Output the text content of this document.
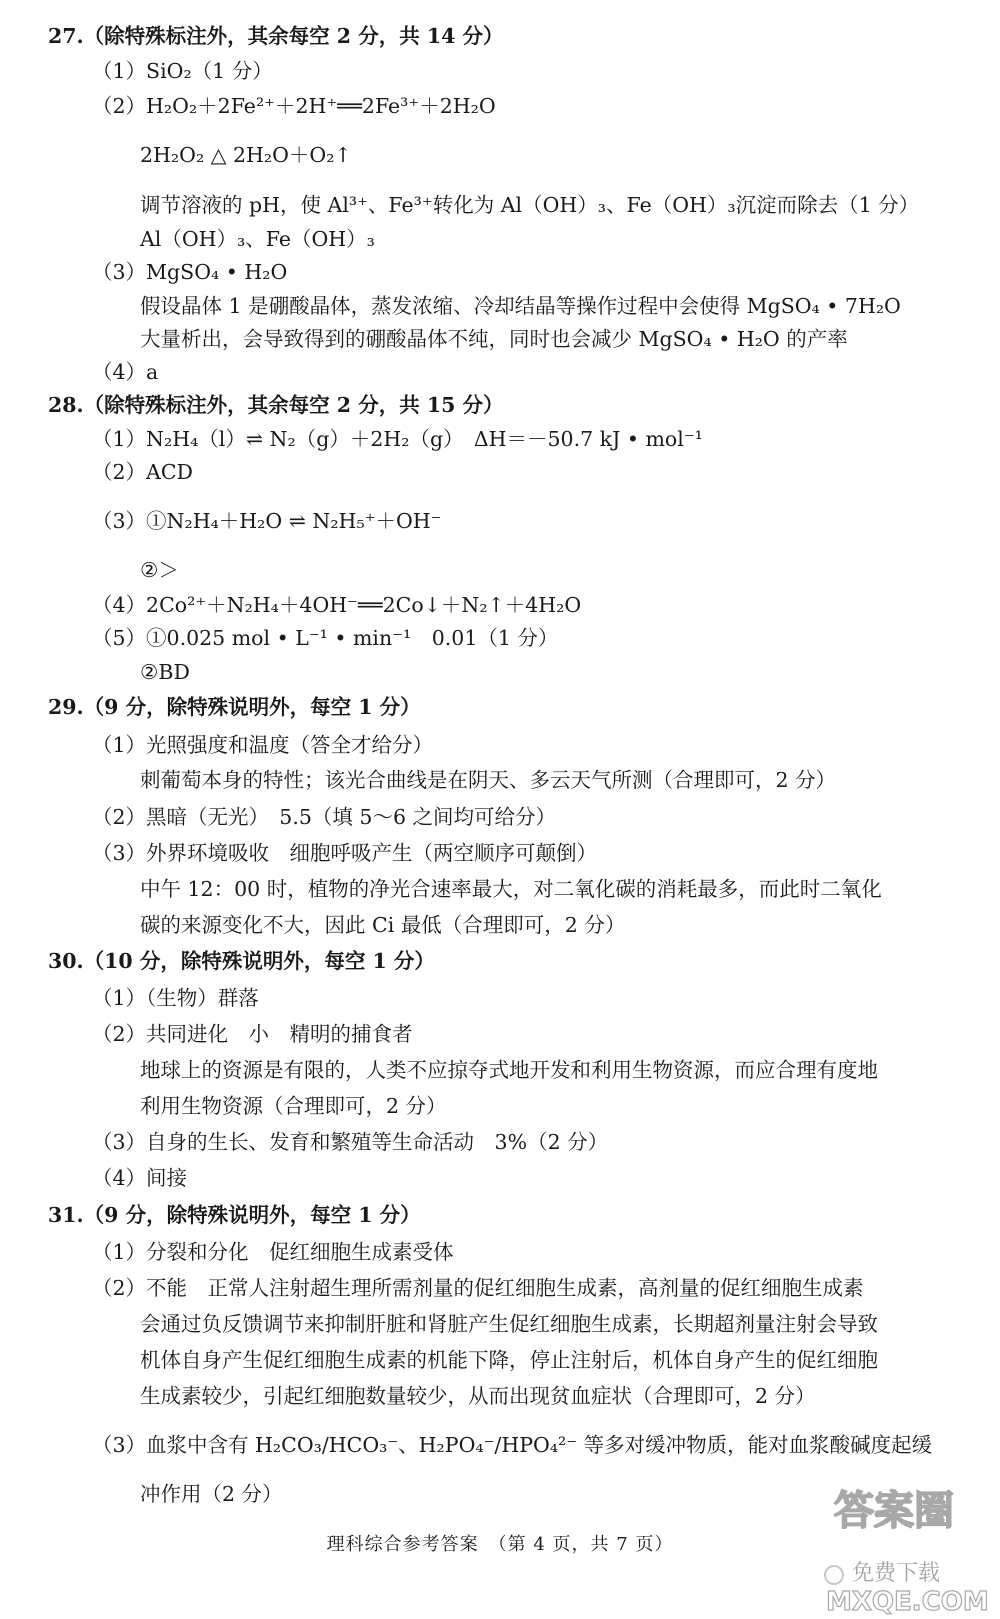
27.（除特殊标注外，其余每空 2 分，共 14 分）
（1）SiO₂（1 分）
（2）H₂O₂＋2Fe²⁺＋2H⁺══2Fe³⁺＋2H₂O
2H₂O₂ △ 2H₂O＋O₂↑
调节溶液的 pH，使 Al³⁺、Fe³⁺转化为 Al（OH）₃、Fe（OH）₃沉淀而除去（1 分）
Al（OH）₃、Fe（OH）₃
（3）MgSO₄ • H₂O
假设晶体 1 是硼酸晶体，蒸发浓缩、冷却结晶等操作过程中会使得 MgSO₄ • 7H₂O
大量析出，会导致得到的硼酸晶体不纯，同时也会减少 MgSO₄ • H₂O 的产率
（4）a
28.（除特殊标注外，其余每空 2 分，共 15 分）
（1）N₂H₄（l）⇌ N₂（g）＋2H₂（g）　ΔH＝－50.7 kJ • mol⁻¹
（2）ACD
（3）①N₂H₄＋H₂O ⇌ N₂H₅⁺＋OH⁻
②＞
（4）2Co²⁺＋N₂H₄＋4OH⁻══2Co↓＋N₂↑＋4H₂O
（5）①0.025 mol • L⁻¹ • min⁻¹　0.01（1 分）
②BD
29.（9 分，除特殊说明外，每空 1 分）
（1）光照强度和温度（答全才给分）
刺葡萄本身的特性；该光合曲线是在阴天、多云天气所测（合理即可，2 分）
（2）黑暗（无光）　5.5（填 5～6 之间均可给分）
（3）外界环境吸收　细胞呼吸产生（两空顺序可颠倒）
中午 12：00 时，植物的净光合速率最大，对二氧化碳的消耗最多，而此时二氧化
碳的来源变化不大，因此 Ci 最低（合理即可，2 分）
30.（10 分，除特殊说明外，每空 1 分）
（1）（生物）群落
（2）共同进化　小　精明的捕食者
地球上的资源是有限的，人类不应掠夺式地开发和利用生物资源，而应合理有度地
利用生物资源（合理即可，2 分）
（3）自身的生长、发育和繁殖等生命活动　3%（2 分）
（4）间接
31.（9 分，除特殊说明外，每空 1 分）
（1）分裂和分化　促红细胞生成素受体
（2）不能　正常人注射超生理所需剂量的促红细胞生成素，高剂量的促红细胞生成素
会通过负反馈调节来抑制肝脏和肾脏产生促红细胞生成素，长期超剂量注射会导致
机体自身产生促红细胞生成素的机能下降，停止注射后，机体自身产生的促红细胞
生成素较少，引起红细胞数量较少，从而出现贫血症状（合理即可，2 分）
（3）血浆中含有 H₂CO₃/HCO₃⁻、H₂PO₄⁻/HPO₄²⁻ 等多对缓冲物质，能对血浆酸碱度起缓
冲作用（2 分）
理科综合参考答案　（第 4 页，共 7 页）
答案圈
免费下载
MXQE.COM
